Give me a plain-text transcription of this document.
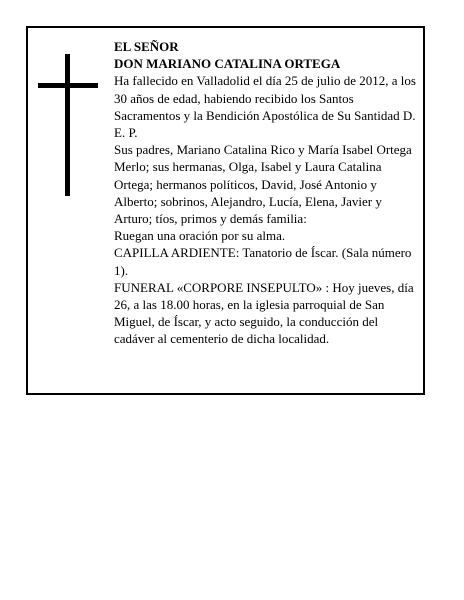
EL SEÑOR

DON MARIANO CATALINA ORTEGA

Ha fallecido en Valladolid el día 25 de julio de 2012, a los 30 años de edad, habiendo recibido los Santos Sacramentos y la Bendición Apostólica de Su Santidad D. E. P.

Sus padres, Mariano Catalina Rico y María Isabel Ortega Merlo; sus hermanas, Olga, Isabel y Laura Catalina Ortega; hermanos políticos, David, José Antonio y Alberto; sobrinos, Alejandro, Lucía, Elena, Javier y Arturo; tíos, primos y demás familia:

Ruegan una oración por su alma.

CAPILLA ARDIENTE: Tanatorio de Íscar. (Sala número 1).

FUNERAL «CORPORE INSEPULTO» : Hoy jueves, día 26, a las 18.00 horas, en la iglesia parroquial de San Miguel, de Íscar, y acto seguido, la conducción del cadáver al cementerio de dicha localidad.
